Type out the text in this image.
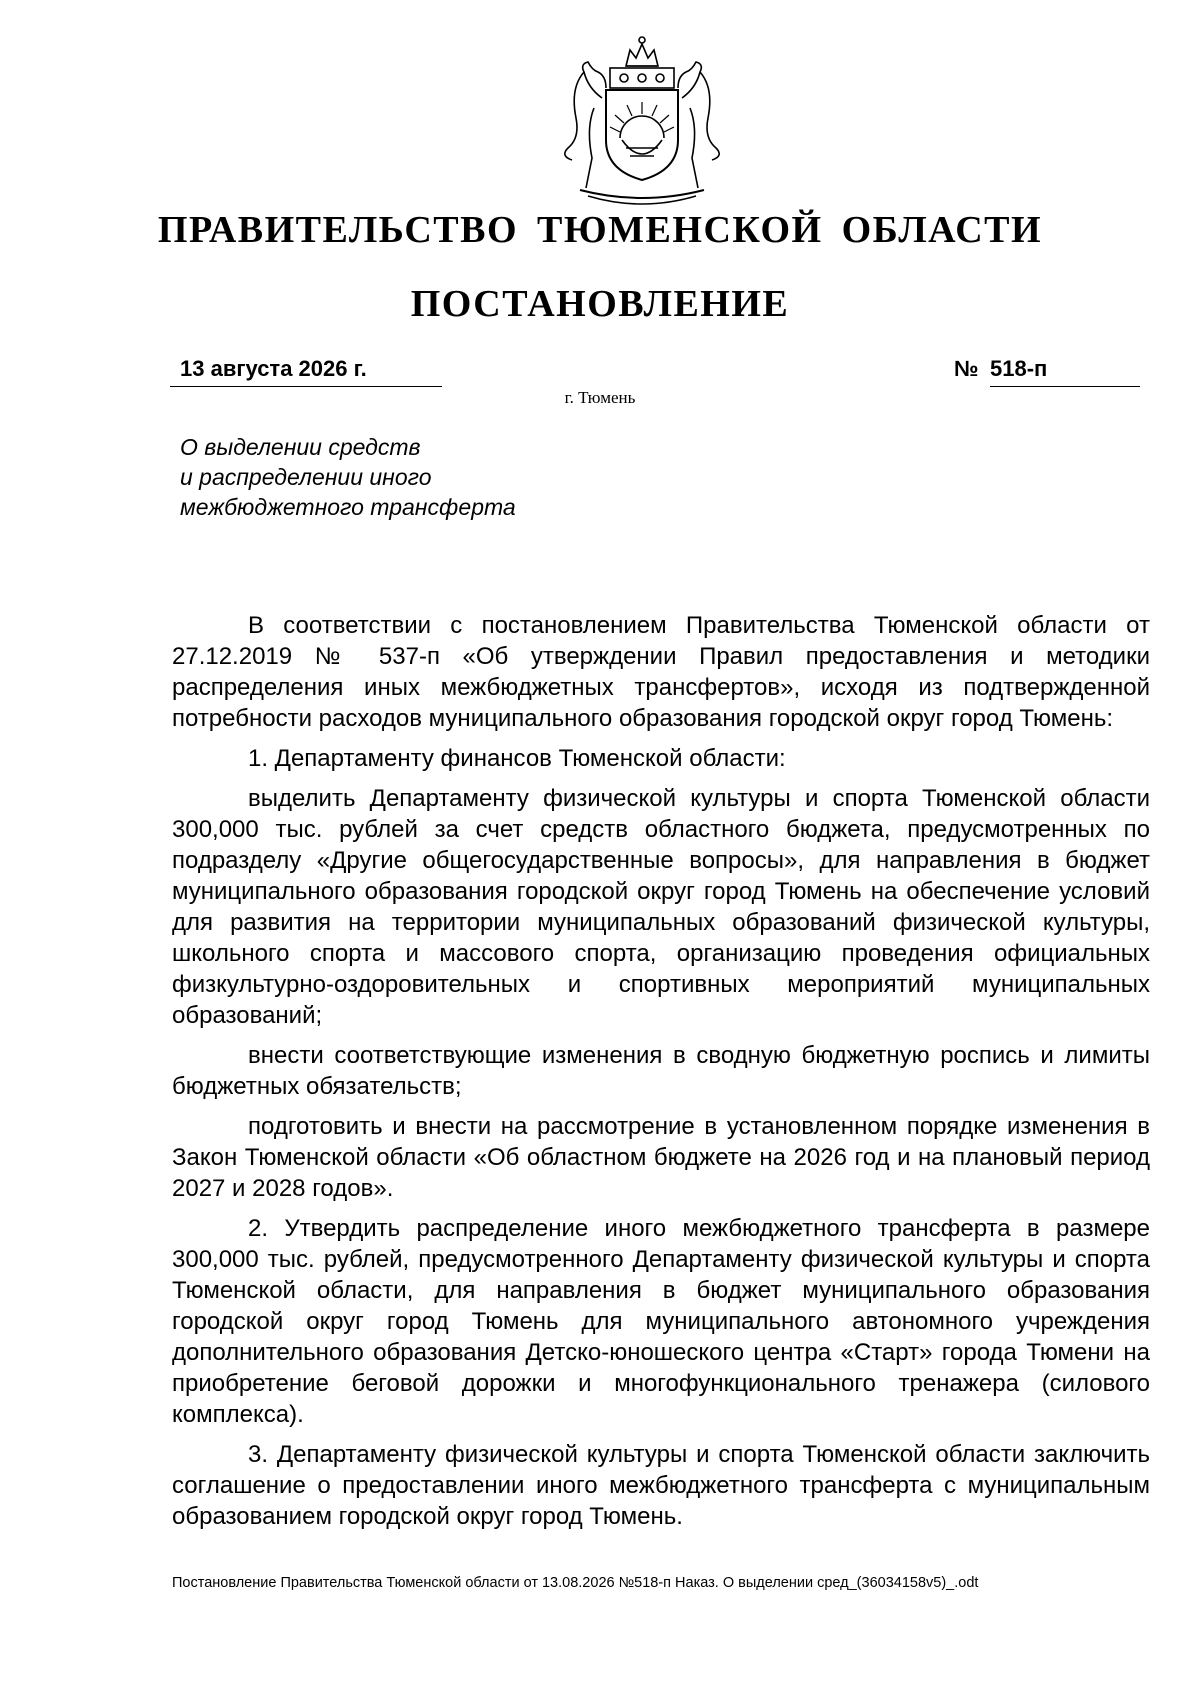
ПРАВИТЕЛЬСТВО ТЮМЕНСКОЙ ОБЛАСТИ
ПОСТАНОВЛЕНИЕ
13 августа 2026 г.	№ 518-п
г. Тюмень
О выделении средств
и распределении иного
межбюджетного трансферта

В соответствии с постановлением Правительства Тюменской области от 27.12.2019 № 537-п «Об утверждении Правил предоставления и методики распределения иных межбюджетных трансфертов», исходя из подтвержденной потребности расходов муниципального образования городской округ город Тюмень:

1. Департаменту финансов Тюменской области:

выделить Департаменту физической культуры и спорта Тюменской области 300,000 тыс. рублей за счет средств областного бюджета, предусмотренных по подразделу «Другие общегосударственные вопросы», для направления в бюджет муниципального образования городской округ город Тюмень на обеспечение условий для развития на территории муниципальных образований физической культуры, школьного спорта и массового спорта, организацию проведения официальных физкультурно-оздоровительных и спортивных мероприятий муниципальных образований;

внести соответствующие изменения в сводную бюджетную роспись и лимиты бюджетных обязательств;

подготовить и внести на рассмотрение в установленном порядке изменения в Закон Тюменской области «Об областном бюджете на 2026 год и на плановый период 2027 и 2028 годов».

2. Утвердить распределение иного межбюджетного трансферта в размере 300,000 тыс. рублей, предусмотренного Департаменту физической культуры и спорта Тюменской области, для направления в бюджет муниципального образования городской округ город Тюмень для муниципального автономного учреждения дополнительного образования Детско-юношеского центра «Старт» города Тюмени на приобретение беговой дорожки и многофункционального тренажера (силового комплекса).

3. Департаменту физической культуры и спорта Тюменской области заключить соглашение о предоставлении иного межбюджетного трансферта с муниципальным образованием городской округ город Тюмень.

Постановление Правительства Тюменской области от 13.08.2026 №518-п Наказ. О выделении сред_(36034158v5)_.odt
